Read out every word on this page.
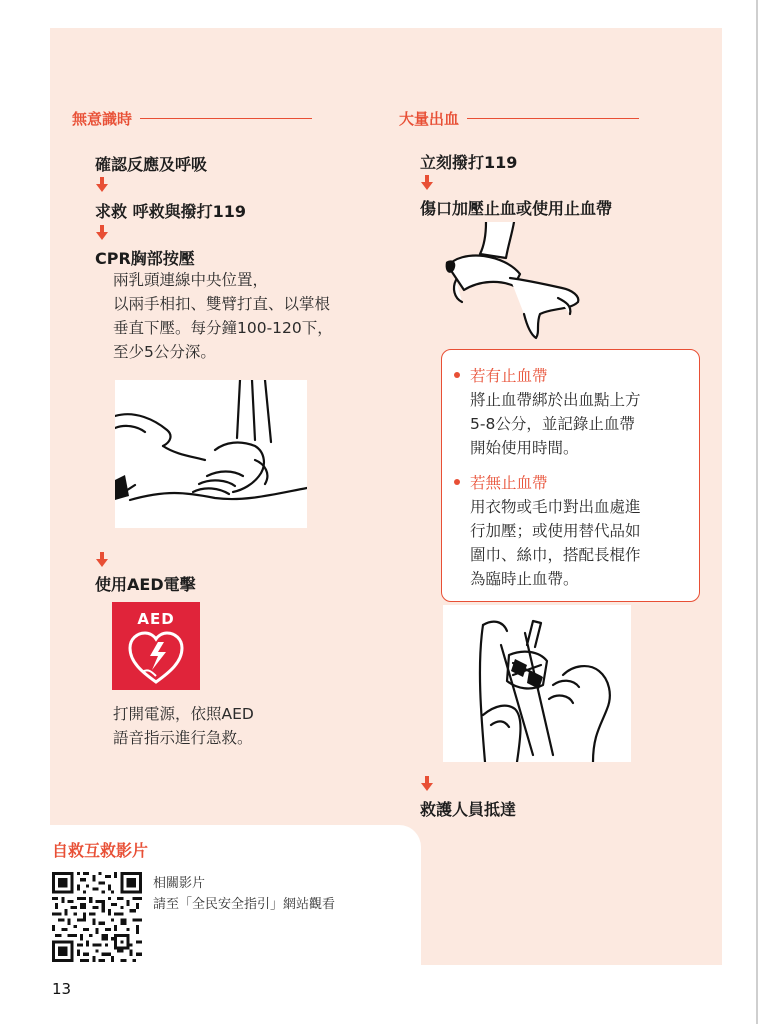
無意識時
確認反應及呼吸
求救 呼救與撥打119
CPR胸部按壓
兩乳頭連線中央位置，
以兩手相扣、雙臂打直、以掌根
垂直下壓。每分鐘100-120下，
至少5公分深。
使用AED電擊
AED
打開電源，依照AED
語音指示進行急救。
大量出血
立刻撥打119
傷口加壓止血或使用止血帶
若有止血帶
將止血帶綁於出血點上方
5-8公分，並記錄止血帶
開始使用時間。
若無止血帶
用衣物或毛巾對出血處進
行加壓；或使用替代品如
圍巾、絲巾，搭配長棍作
為臨時止血帶。
救護人員抵達
自救互救影片
相關影片
請至「全民安全指引」網站觀看
13
